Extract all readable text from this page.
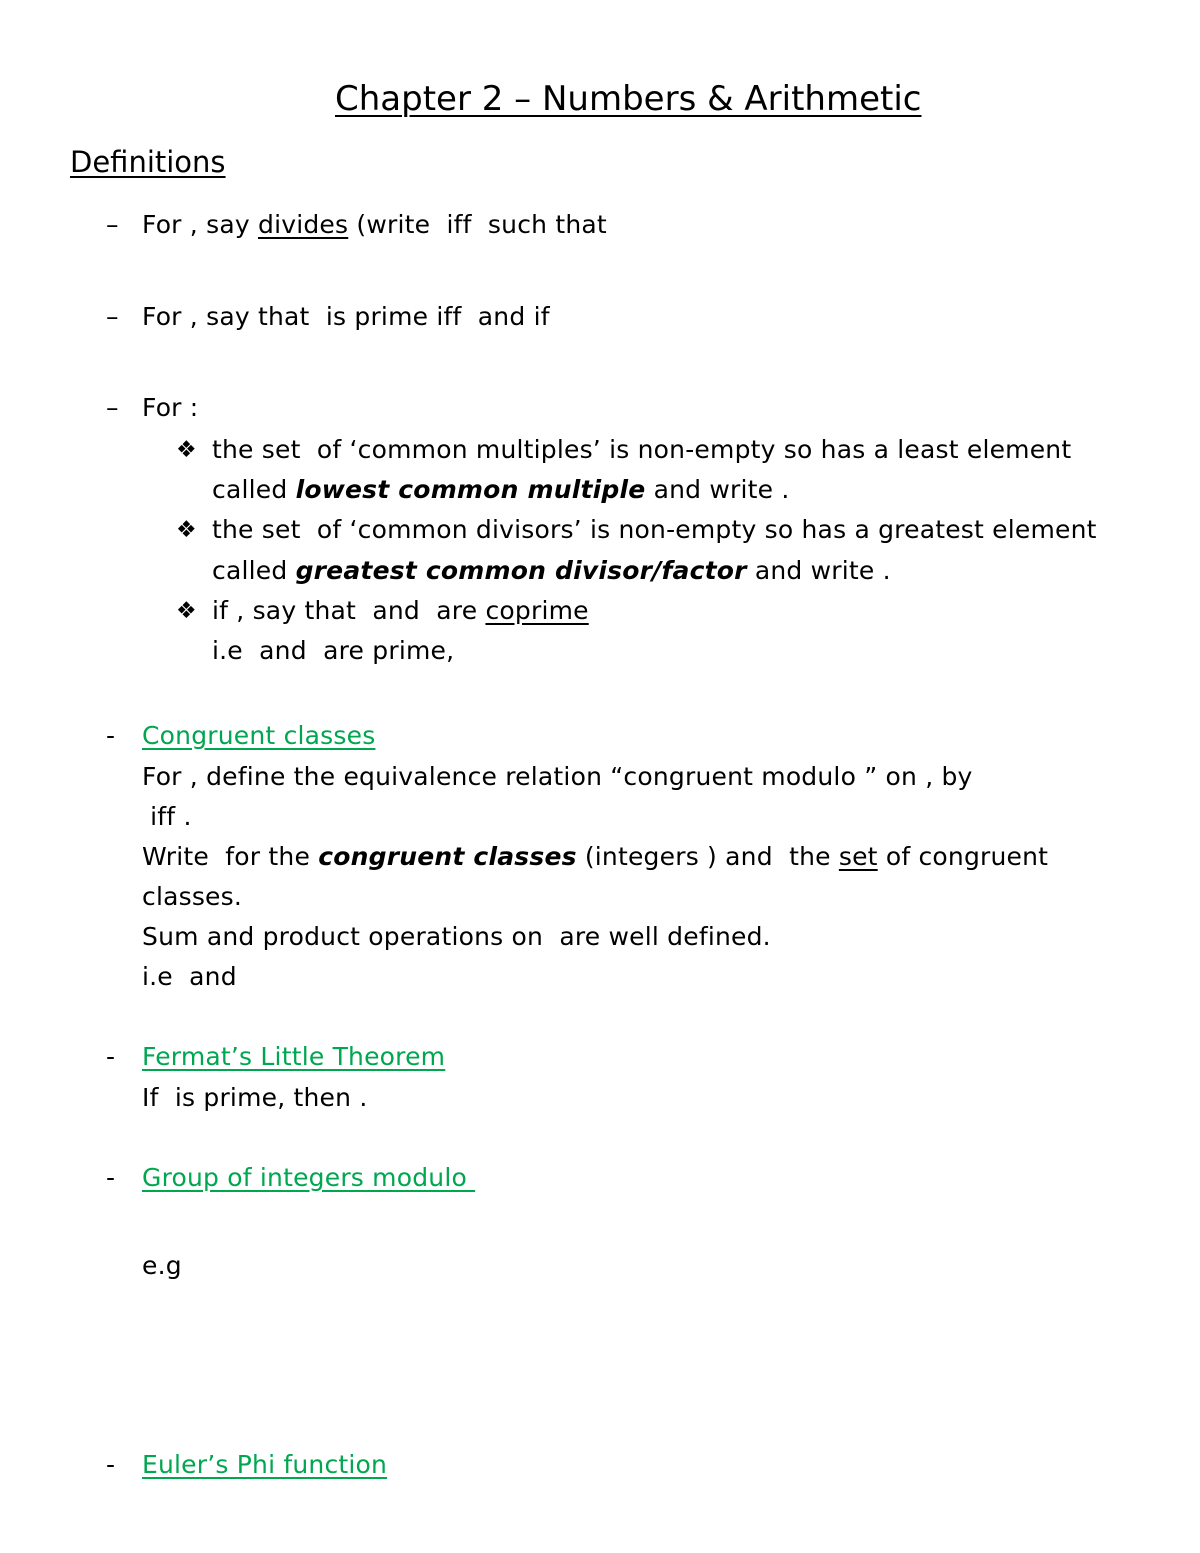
Chapter 2 – Numbers & Arithmetic
Definitions
– For , say divides (write  iff  such that
– For , say that  is prime iff  and if
– For :
❖ the set  of ‘common multiples’ is non-empty so has a least element
called lowest common multiple and write .
❖ the set  of ‘common divisors’ is non-empty so has a greatest element
called greatest common divisor/factor and write .
❖ if , say that  and  are coprime
i.e  and  are prime,
- Congruent classes
For , define the equivalence relation “congruent modulo ” on , by
iff .
Write  for the congruent classes (integers ) and  the set of congruent
classes.
Sum and product operations on  are well defined.
i.e  and
- Fermat’s Little Theorem
If  is prime, then .
- Group of integers modulo
e.g
- Euler’s Phi function
